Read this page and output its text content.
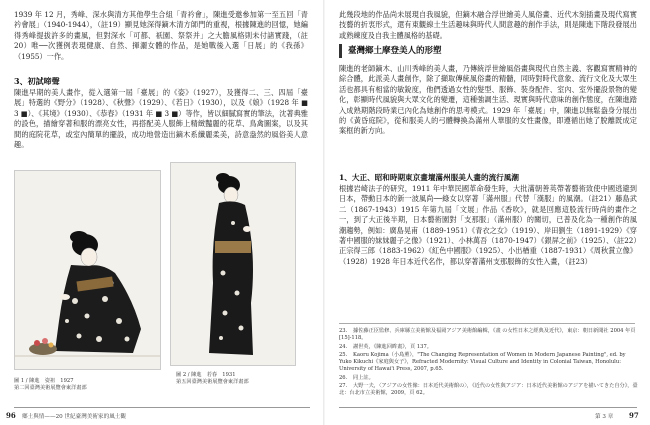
1939 年 12 月，秀峰、深水與清方其他學生合組「青衿會」，陳進受邀參加第一至五回「青衿會展」（1940-1944），（註19）顯見她深得鏑木清方師門的重視，根據陳進的回憶，她編得秀峰提拔許多的畫風，但對深水「可都、祇園、祭祭并」之大膽風格則未付諸實踐，（註20）唯──次獲例表現健康、自然、揮灑女體的作品，是她戰後入選「日展」的《我孫》（1955）一作。

3、初試啼聲

陳進早期的美人畫作，從入選第一屆「臺展」的《姿》（1927），及獲得二、三、四屆「臺展」特選的《野分》（1928）、《秋聲》（1929）、《若日》（1930），以及《娘》（1928 年 ■ 3 ■）、《其境》（1930）、《恭春》（1931 年 ■ 3 ■）等作，皆以細膩寫實的筆法，沈著典雅的設色，描繪穿著和服的漂亮女性，再搭配美人服飾上精緻豔麗的花草、鳥禽圖案，以及其間的庭院花草，或室內簡單的擺設，成功地營造出鏑木系纖麗柔美，詩意盎然的風俗美人意趣。

圖 1 / 陳進　姿祖　1927
第二回臺灣美術展覽會東洋畫部
圖 2 / 陳進　若春　1931
第五回臺灣美術展覽會東洋畫部
96 鄉土與情——20 世紀臺灣美術家的風土觀

此幾段地的作品尚未展現自我風貌，但鏑木融合浮世繪美人風俗畫、近代木刻插畫及現代寫實技藝的折衷形式，還有東觀線土生活趣味與時代人間意趣的創作手法，則是陳進下階段發展出或熟練度及自我主體風格的基礎。

臺灣鄉土摩登美人的形塑

陳進的老師鏑木、山川秀峰的美人畫，乃傳統浮世繪風俗畫與現代自然主義、客觀寫實精神的綜合體，此派美人畫創作，除了擷取傳統風俗畫的精髓，同時對時代意象、流行文化及大眾生活也都具有相當的敏銳度，他們透過女性的髮型、服飾、裝身配件、室內、室外擺設景物的變化，彰顯時代風貌與大眾文化的變遷，這種強調生活、現實與時代意味的創作態度，在陳進踏入成熟期階段時業已內化為她創作的思考模式。1929 年「臺展」中，陳進以無鬆盎身分展出的《黃昏庭院》，從和服美人的弓體轉換為滿州人華服的女性畫像，即遵循出她了脫離既成定案框的新方向。

1、大正、昭和時期東京畫壇滿州服美人畫的流行風潮

根據岩崎法子的研究，1911 年中華民國革命發生時，大批滿朝善英帶著藝術致使中國逃避到日本，帶動日本的新一波風尚──綠女以穿著「滿州服」代替「漢服」的風潮。（註21）藤島武二（1867-1943）1915 年第九屆「文展」作品《香吹》，就是回應這股流行時尚的畫作之一，到了大正後半期，日本藝術園對「支那服」（滿州服）的關切，已普及化為一種創作的風潮趨勢，例如：廣島晃甫（1889-1951）《青衣之女》（1919）、岸田劉生（1891-1929）《穿著中國服的妹妹麗子之像》（1921）、小林萬吾（1870-1947）《銀屏之前》（1925）、（註22）正宗得三郎（1883-1962）《紅色中國服》（1925）、小出楢重（1887-1931）《周秋賞立像》（1928）1928 年日本近代名作，都以穿著滿州支那服飾的女性入畫，（註23）

23. 據佐藤正臣監修、兵庫縣立美術館及福岡アジア美術館編輯，《畫 の女性日本之經典及近代》，東京：朝日新聞社 2004 年頁 [15]-118。
24. 謝世英，《陳進回眸畫》，頁 137。
25. Kaoru Kojima（小島薰），"The Changing Representation of Women in Modern Japanese Painting", ed. by Yuko Kikuchi《家庭與女子》，Refracted Modernity: Visual Culture and Identity in Colonial Taiwan, Honolulu: University of Hawai'i Press, 2007, p.65.
26. 同上註。
27. 大野一夫，〈アジアの女性像：日本近代美術館の〉，《近代の女性與アジア：日本近代美術館のアジアを描いてきた自分》，臺北：台北市立美術館，2009，頁 62。
第 3 章 97
